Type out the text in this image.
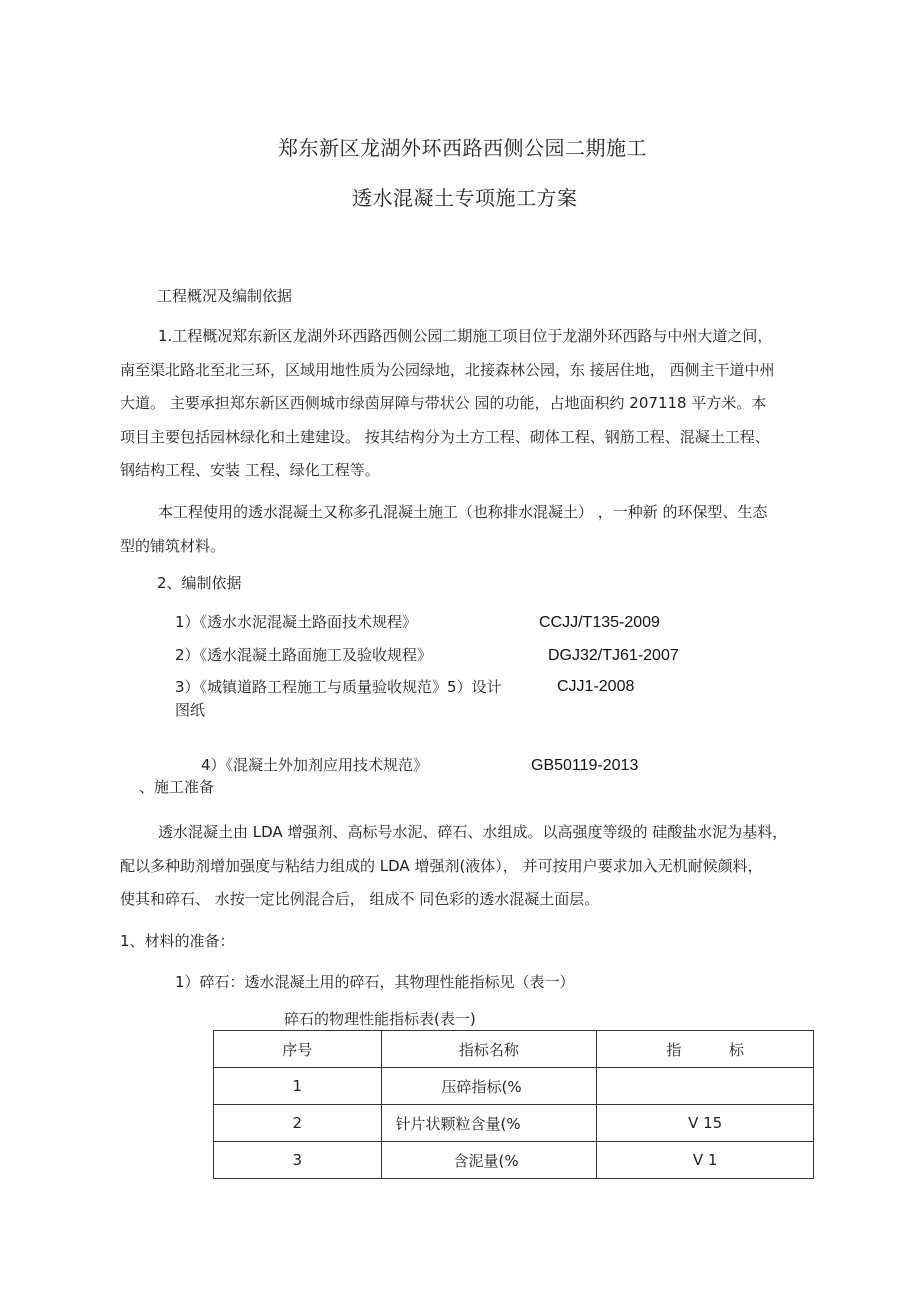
郑东新区龙湖外环西路西侧公园二期施工
透水混凝土专项施工方案
工程概况及编制依据
1.工程概况郑东新区龙湖外环西路西侧公园二期施工项目位于龙湖外环西路与中州大道之间，
南至渠北路北至北三环，区域用地性质为公园绿地，北接森林公园，东 接居住地， 西侧主干道中州
大道。 主要承担郑东新区西侧城市绿茵屏障与带状公 园的功能，占地面积约 207118 平方米。本
项目主要包括园林绿化和土建建设。 按其结构分为土方工程、砌体工程、钢筋工程、混凝土工程、
钢结构工程、安装 工程、绿化工程等。
本工程使用的透水混凝土又称多孔混凝土施工（也称排水混凝土） ，一种新 的环保型、生态
型的铺筑材料。
2、编制依据
1）《透水水泥混凝土路面技术规程》	CCJJ/T135-2009
2）《透水混凝土路面施工及验收规程》	DGJ32/TJ61-2007
3）《城镇道路工程施工与质量验收规范》5）设计	CJJ1-2008
图纸
4）《混凝土外加剂应用技术规范》	GB50119-2013
、施工准备
透水混凝土由 LDA 增强剂、高标号水泥、碎石、水组成。以高强度等级的 硅酸盐水泥为基料，
配以多种助剂增加强度与粘结力组成的 LDA 增强剂(液体）， 并可按用户要求加入无机耐候颜料，
使其和碎石、 水按一定比例混合后， 组成不 同色彩的透水混凝土面层。
1、材料的准备：
1）碎石：透水混凝土用的碎石，其物理性能指标见（表一）
碎石的物理性能指标表(表一)
序号	指标名称	指          标
1	压碎指标(%	
2	针片状颗粒含量(%	V 15
3	含泥量(%	V 1
